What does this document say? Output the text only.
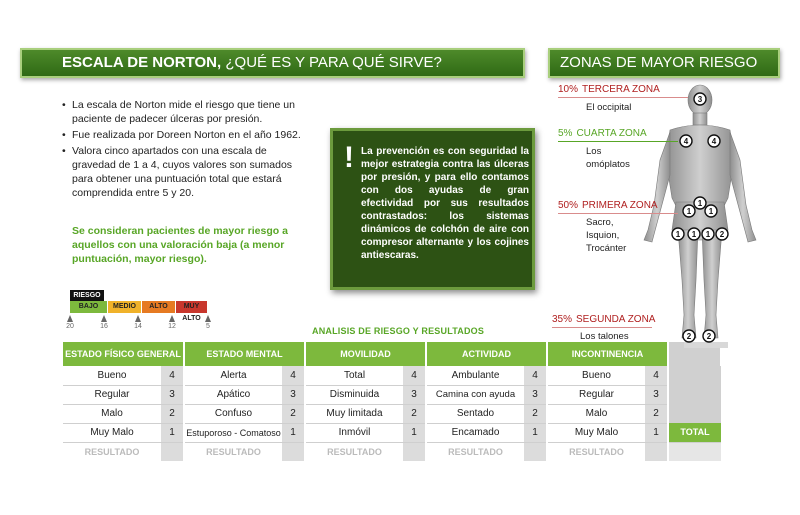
ESCALA DE NORTON, ¿QUÉ ES Y PARA QUÉ SIRVE?	ZONAS DE MAYOR RIESGO
• La escala de Norton mide el riesgo que tiene un paciente de padecer úlceras por presión.
• Fue realizada por Doreen Norton en el año 1962.
• Valora cinco apartados con una escala de gravedad de 1 a 4, cuyos valores son sumados para obtener una puntuación total que estará comprendida entre 5 y 20.
Se consideran pacientes de mayor riesgo a aquellos con una valoración baja (a menor puntuación, mayor riesgo).
! La prevención es con seguridad la mejor estrategia contra las úlceras por presión, y para ello contamos con dos ayudas de gran efectividad por sus resultados contrastados: los sistemas dinámicos de colchón de aire con compresor alternante y los cojines antiescaras.
RIESGO
BAJO	MEDIO	ALTO	MUY ALTO
20	16	14	12	5	ANALISIS DE RIESGO Y RESULTADOS
ESTADO FÍSICO GENERAL		ESTADO MENTAL		MOVILIDAD		ACTIVIDAD		INCONTINENCIA		
Bueno	4	Alerta	4	Total	4	Ambulante	4	Bueno	4	
Regular	3	Apático	3	Disminuida	3	Camina con ayuda	3	Regular	3	
Malo	2	Confuso	2	Muy limitada	2	Sentado	2	Malo	2	
Muy Malo	1	Estuporoso - Comatoso	1	Inmóvil	1	Encamado	1	Muy Malo	1	TOTAL
RESULTADO		RESULTADO		RESULTADO		RESULTADO		RESULTADO		
3
4	4
1
1 1
1 1 1 2
2 2
10% TERCERA ZONA
El occipital
5% CUARTA ZONA
Los omóplatos
50% PRIMERA ZONA
Sacro,
Isquion,
Trocánter
35% SEGUNDA ZONA
Los talones
